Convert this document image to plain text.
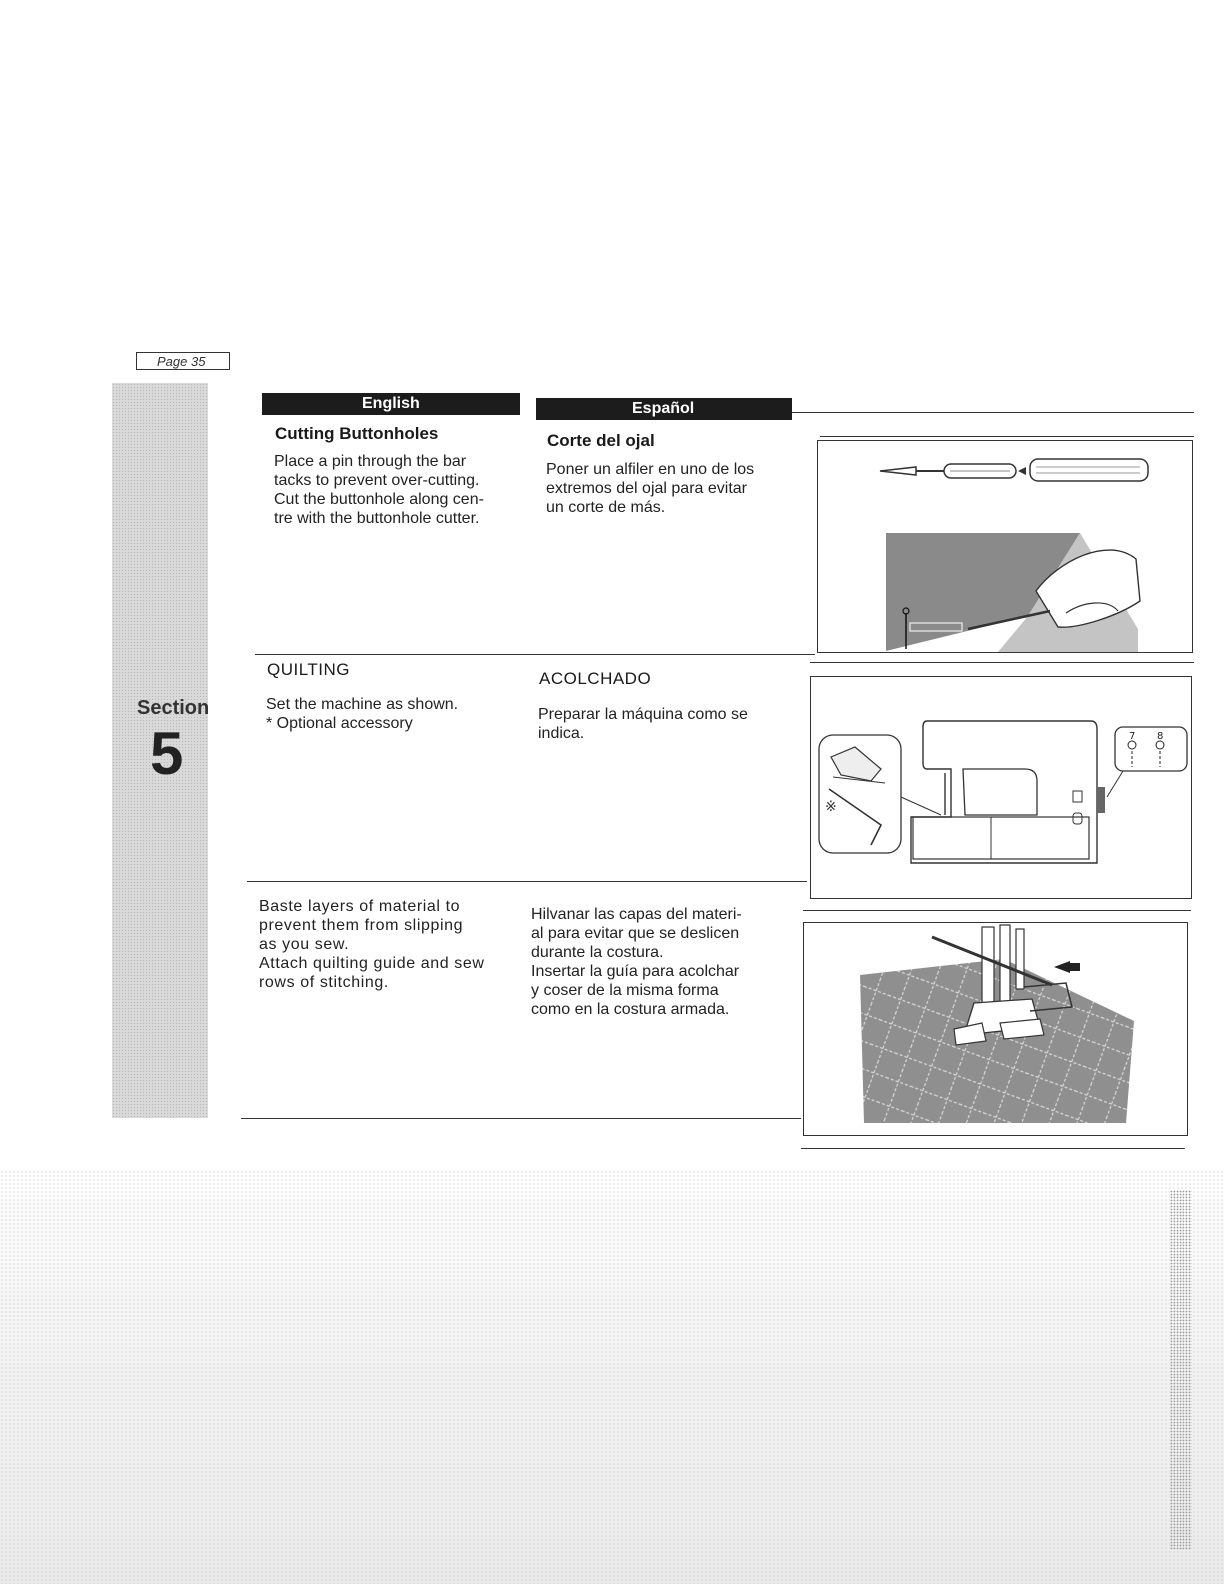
Page 35
Section
5
English	Español
Cutting Buttonholes
Place a pin through the bar
tacks to prevent over-cutting.
Cut the buttonhole along cen-
tre with the buttonhole cutter.
Corte del ojal
Poner un alfiler en uno de los
extremos del ojal para evitar
un corte de más.
QUILTING
Set the machine as shown.
* Optional accessory
ACOLCHADO
Preparar la máquina como se
indica.
※
7 8
Baste layers of material to
prevent them from slipping
as you sew.
Attach quilting guide and sew
rows of stitching.
Hilvanar las capas del materi-
al para evitar que se deslicen
durante la costura.
Insertar la guía para acolchar
y coser de la misma forma
como en la costura armada.
